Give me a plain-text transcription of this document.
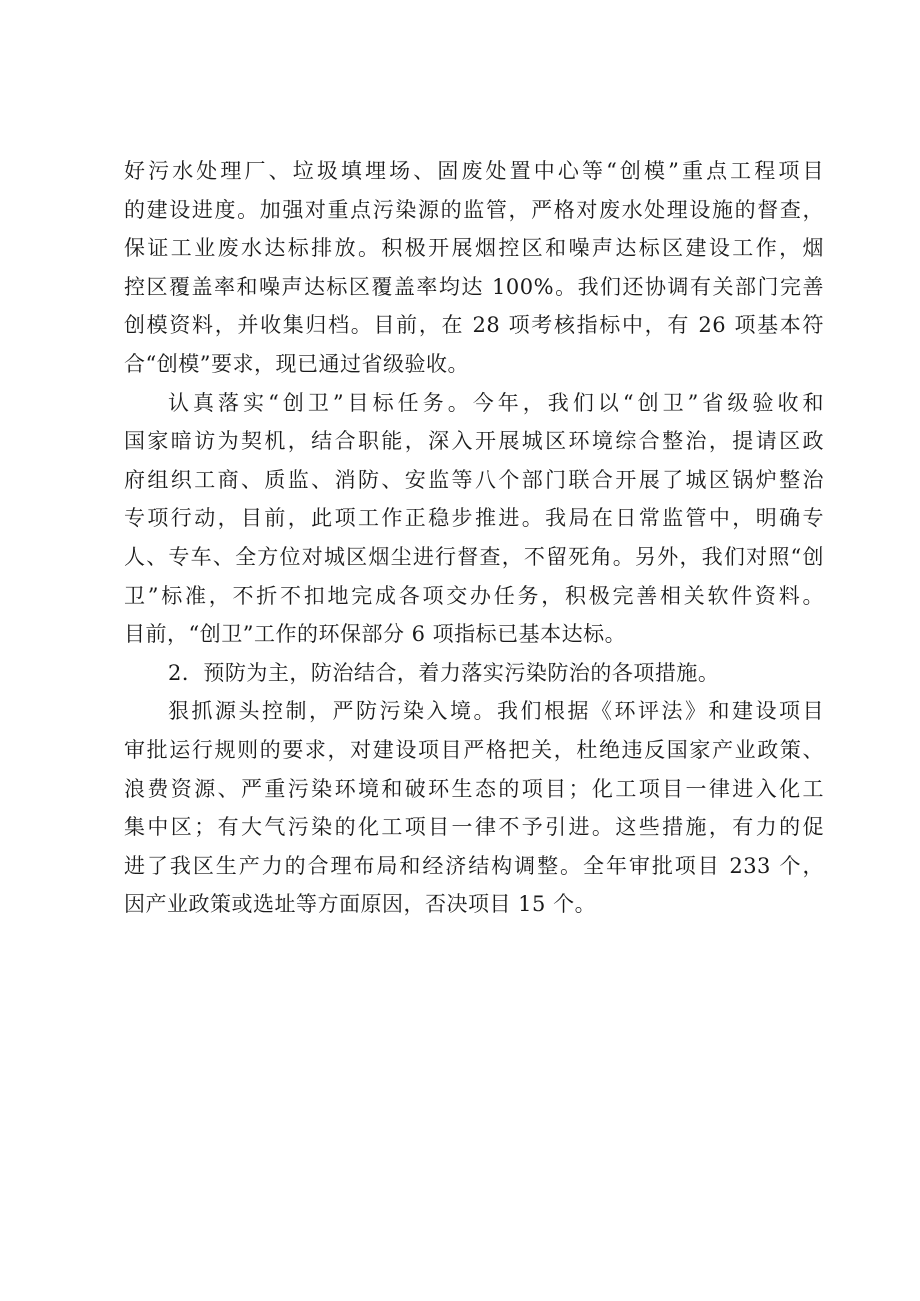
好污水处理厂、垃圾填埋场、固废处置中心等“创模”重点工程项目
的建设进度。加强对重点污染源的监管，严格对废水处理设施的督查，
保证工业废水达标排放。积极开展烟控区和噪声达标区建设工作，烟
控区覆盖率和噪声达标区覆盖率均达 100%。我们还协调有关部门完善
创模资料，并收集归档。目前，在 28 项考核指标中，有 26 项基本符
合“创模”要求，现已通过省级验收。
认真落实“创卫”目标任务。今年，我们以“创卫”省级验收和
国家暗访为契机，结合职能，深入开展城区环境综合整治，提请区政
府组织工商、质监、消防、安监等八个部门联合开展了城区锅炉整治
专项行动，目前，此项工作正稳步推进。我局在日常监管中，明确专
人、专车、全方位对城区烟尘进行督查，不留死角。另外，我们对照“创
卫”标准，不折不扣地完成各项交办任务，积极完善相关软件资料。
目前，“创卫”工作的环保部分 6 项指标已基本达标。
2．预防为主，防治结合，着力落实污染防治的各项措施。
狠抓源头控制，严防污染入境。我们根据《环评法》和建设项目
审批运行规则的要求，对建设项目严格把关，杜绝违反国家产业政策、
浪费资源、严重污染环境和破环生态的项目；化工项目一律进入化工
集中区；有大气污染的化工项目一律不予引进。这些措施，有力的促
进了我区生产力的合理布局和经济结构调整。全年审批项目 233 个，
因产业政策或选址等方面原因，否决项目 15 个。
